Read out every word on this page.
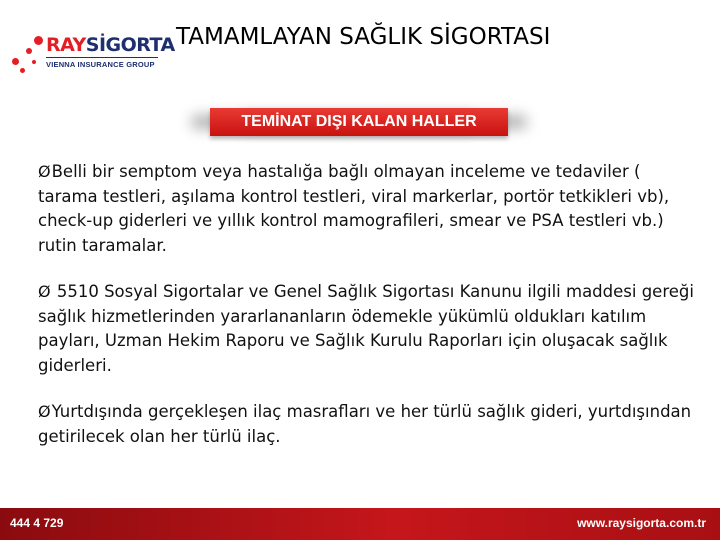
RAYSİGORTA
VIENNA INSURANCE GROUP
TAMAMLAYAN SAĞLIK SİGORTASI
TEMİNAT DIŞI KALAN HALLER

ØBelli bir semptom veya hastalığa bağlı olmayan inceleme ve tedaviler ( tarama testleri, aşılama kontrol testleri, viral markerlar, portör tetkikleri vb), check-up giderleri ve yıllık kontrol mamografileri, smear ve PSA testleri vb.) rutin taramalar.

Ø 5510 Sosyal Sigortalar ve Genel Sağlık Sigortası Kanunu ilgili maddesi gereği sağlık hizmetlerinden yararlananların ödemekle yükümlü oldukları katılım payları, Uzman Hekim Raporu ve Sağlık Kurulu Raporları için oluşacak sağlık giderleri.

ØYurtdışında gerçekleşen ilaç masrafları ve her türlü sağlık gideri, yurtdışından getirilecek olan her türlü ilaç.

444 4 729	www.raysigorta.com.tr
